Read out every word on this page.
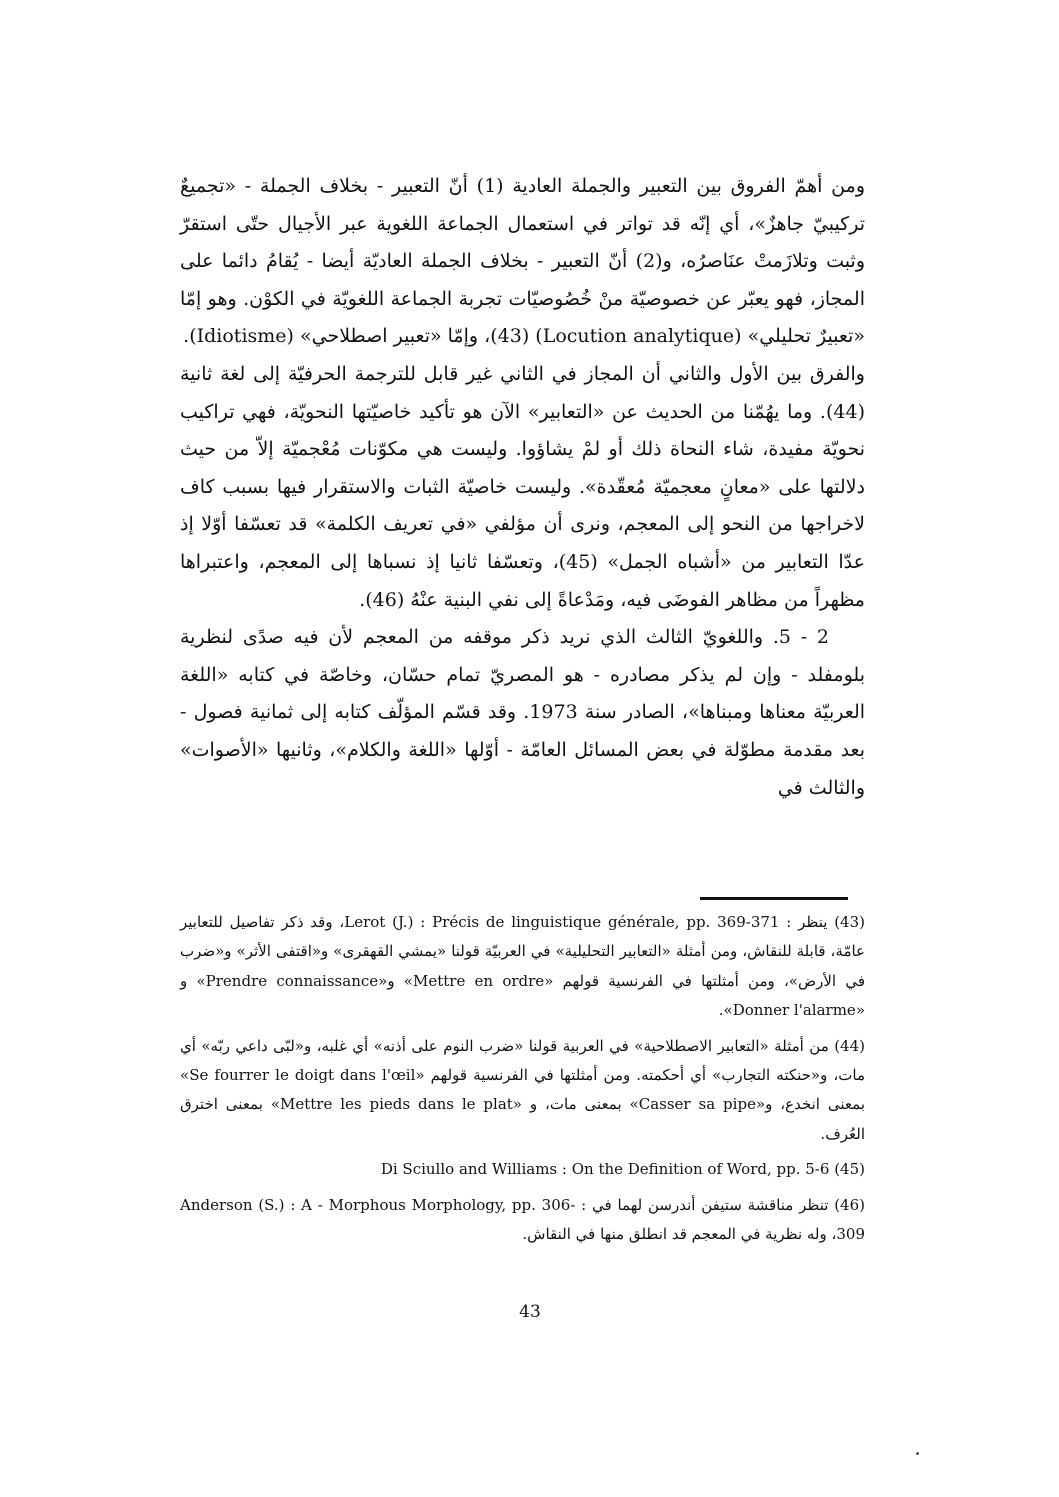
ومن أهمّ الفروق بين التعبير والجملة العادية (1) أنّ التعبير - بخلاف الجملة - «تجميعٌ تركيبيّ جاهزٌ»، أي إنّه قد تواتر في استعمال الجماعة اللغوية عبر الأجيال حتّى استقرّ وثبت وتلازَمتْ عنَاصرُه، و(2) أنّ التعبير - بخلاف الجملة العاديّة أيضا - يُقامُ دائما على المجاز، فهو يعبّر عن خصوصيّة منْ خُصُوصيّات تجربة الجماعة اللغويّة في الكوْن. وهو إمّا «تعبيرٌ تحليلي» (Locution analytique) (43)، وإمّا «تعبير اصطلاحي» (Idiotisme).

والفرق بين الأول والثاني أن المجاز في الثاني غير قابل للترجمة الحرفيّة إلى لغة ثانية (44). وما يهُمّنا من الحديث عن «التعابير» الآن هو تأكيد خاصيّتها النحويّة، فهي تراكيب نحويّة مفيدة، شاء النحاة ذلك أو لمْ يشاؤوا. وليست هي مكوّنات مُعْجميّة إلاّ من حيث دلالتها على «معانٍ معجميّة مُعقّدة». وليست خاصيّة الثبات والاستقرار فيها بسبب كاف لاخراجها من النحو إلى المعجم، ونرى أن مؤلفي «في تعريف الكلمة» قد تعسّفا أوّلا إذ عدّا التعابير من «أشباه الجمل» (45)، وتعسّفا ثانيا إذ نسباها إلى المعجم، واعتبراها مظهراً من مظاهر الفوضَى فيه، ومَدْعاةً إلى نفي البنية عنْهُ (46).

2 - 5. واللغويّ الثالث الذي نريد ذكر موقفه من المعجم لأن فيه صدًى لنظرية بلومفلد - وإن لم يذكر مصادره - هو المصريّ تمام حسّان، وخاصّة في كتابه «اللغة العربيّة معناها ومبناها»، الصادر سنة 1973. وقد قسّم المؤلّف كتابه إلى ثمانية فصول - بعد مقدمة مطوّلة في بعض المسائل العامّة - أوّلها «اللغة والكلام»، وثانيها «الأصوات» والثالث في

(43) ينظر : Lerot (J.) : Précis de linguistique générale, pp. 369-371، وقد ذكر تفاصيل للتعابير عامّة، قابلة للنقاش، ومن أمثلة «التعابير التحليلية» في العربيّة قولنا «يمشي القهقرى» و«اقتفى الأثر» و«ضرب في الأرض»، ومن أمثلتها في الفرنسية قولهم «Mettre en ordre» و«Prendre connaissance» و «Donner l'alarme».

(44) من أمثلة «التعابير الاصطلاحية» في العربية قولنا «ضرب النوم على أذنه» أي غلبه، و«لبّى داعي ربّه» أي مات، و«حنكته التجارب» أي أحكمته. ومن أمثلتها في الفرنسية قولهم «Se fourrer le doigt dans l'œil» بمعنى انخدع، و«Casser sa pipe» بمعنى مات، و «Mettre les pieds dans le plat» بمعنى اخترق العُرف.

(45) Di Sciullo and Williams : On the Definition of Word, pp. 5-6

(46) تنظر مناقشة ستيفن أندرسن لهما في : Anderson (S.) : A - Morphous Morphology, pp. 306-309، وله نظرية في المعجم قد انطلق منها في النقاش.

43
